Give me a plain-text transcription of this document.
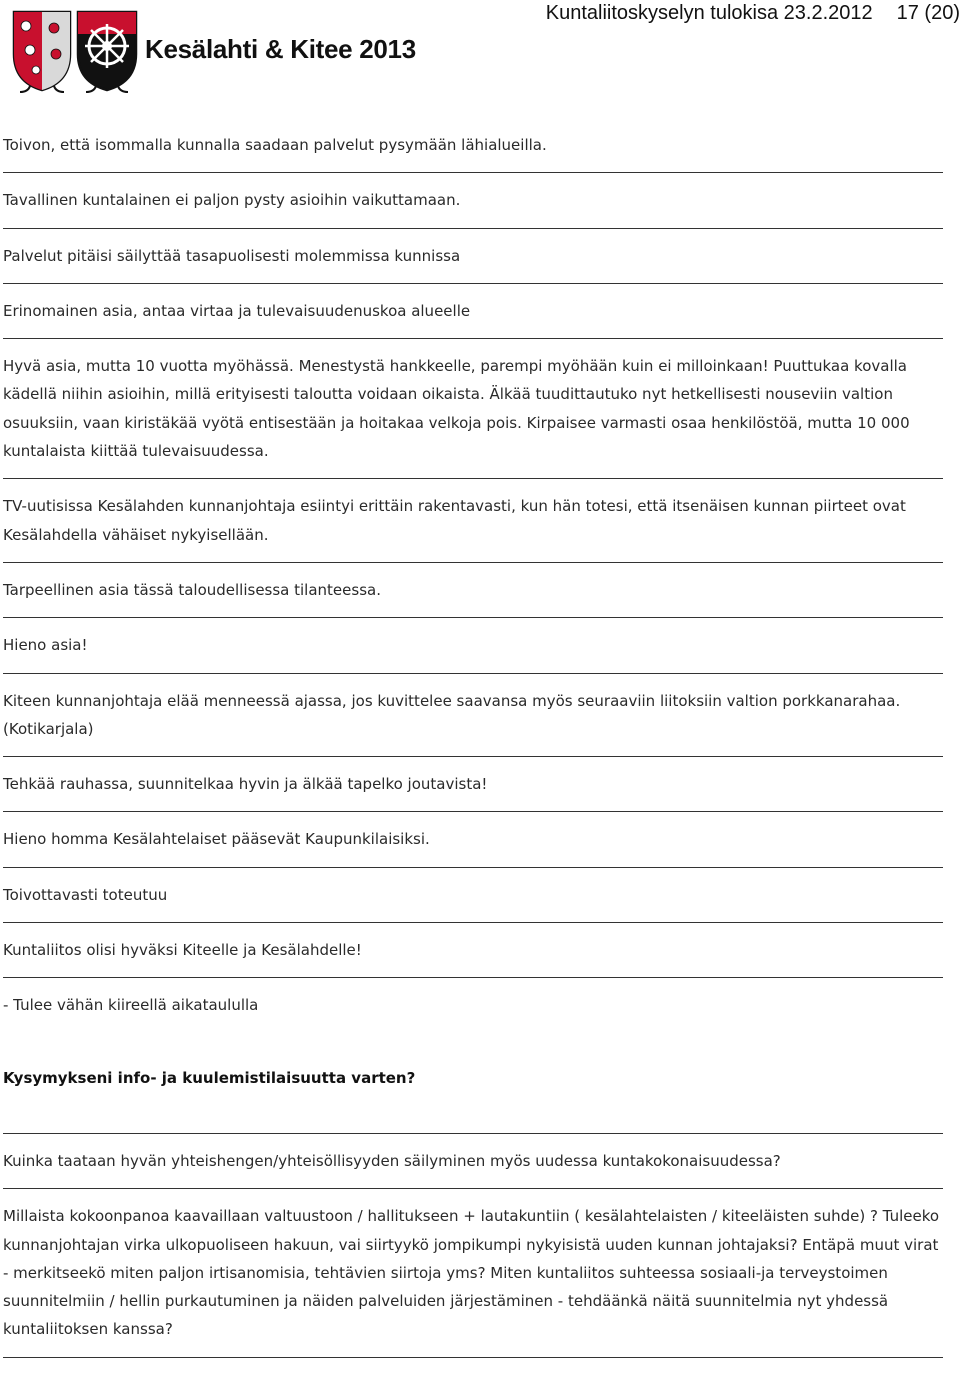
Kuntaliitoskyselyn tulokisa 23.2.2012 17 (20)
Kesälahti & Kitee 2013

Toivon, että isommalla kunnalla saadaan palvelut pysymään lähialueilla.

Tavallinen kuntalainen ei paljon pysty asioihin vaikuttamaan.

Palvelut pitäisi säilyttää tasapuolisesti molemmissa kunnissa

Erinomainen asia, antaa virtaa ja tulevaisuudenuskoa alueelle

Hyvä asia, mutta 10 vuotta myöhässä. Menestystä hankkeelle, parempi myöhään kuin ei milloinkaan! Puuttukaa kovalla kädellä niihin asioihin, millä erityisesti taloutta voidaan oikaista. Älkää tuudittautuko nyt hetkellisesti nouseviin valtion osuuksiin, vaan kiristäkää vyötä entisestään ja hoitakaa velkoja pois. Kirpaisee varmasti osaa henkilöstöä, mutta 10 000 kuntalaista kiittää tulevaisuudessa.

TV-uutisissa Kesälahden kunnanjohtaja esiintyi erittäin rakentavasti, kun hän totesi, että itsenäisen kunnan piirteet ovat Kesälahdella vähäiset nykyisellään.

Tarpeellinen asia tässä taloudellisessa tilanteessa.

Hieno asia!

Kiteen kunnanjohtaja elää menneessä ajassa, jos kuvittelee saavansa myös seuraaviin liitoksiin valtion porkkanarahaa. (Kotikarjala)

Tehkää rauhassa, suunnitelkaa hyvin ja älkää tapelko joutavista!

Hieno homma Kesälahtelaiset pääsevät Kaupunkilaisiksi.

Toivottavasti toteutuu

Kuntaliitos olisi hyväksi Kiteelle ja Kesälahdelle!

- Tulee vähän kiireellä aikataululla

Kysymykseni info- ja kuulemistilaisuutta varten?

Kuinka taataan hyvän yhteishengen/yhteisöllisyyden säilyminen myös uudessa kuntakokonaisuudessa?

Millaista kokoonpanoa kaavaillaan valtuustoon / hallitukseen + lautakuntiin ( kesälahtelaisten / kiteeläisten suhde) ? Tuleeko kunnanjohtajan virka ulkopuoliseen hakuun, vai siirtyykö jompikumpi nykyisistä uuden kunnan johtajaksi? Entäpä muut virat - merkitseekö miten paljon irtisanomisia, tehtävien siirtoja yms? Miten kuntaliitos suhteessa sosiaali-ja terveystoimen suunnitelmiin / hellin purkautuminen ja näiden palveluiden järjestäminen - tehdäänkä näitä suunnitelmia nyt yhdessä kuntaliitoksen kanssa?
